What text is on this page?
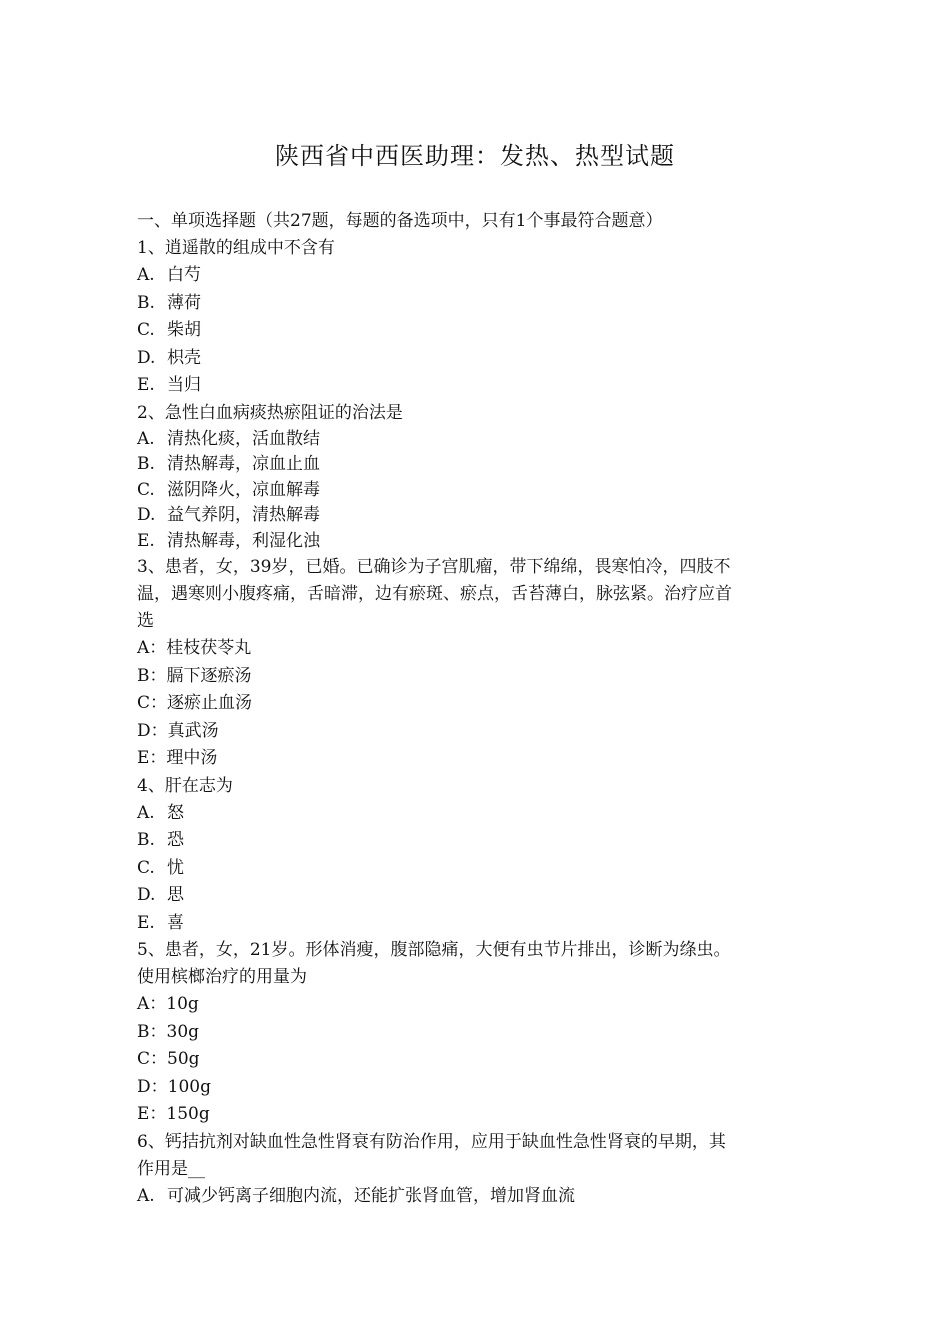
陕西省中西医助理：发热、热型试题
一、单项选择题（共27题，每题的备选项中，只有1个事最符合题意）
1、逍遥散的组成中不含有
A. 白芍
B. 薄荷
C. 柴胡
D. 枳壳
E. 当归
2、急性白血病痰热瘀阻证的治法是
A. 清热化痰，活血散结
B. 清热解毒，凉血止血
C. 滋阴降火，凉血解毒
D. 益气养阴，清热解毒
E. 清热解毒，利湿化浊
3、患者，女，39岁，已婚。已确诊为子宫肌瘤，带下绵绵，畏寒怕冷，四肢不
温，遇寒则小腹疼痛，舌暗滞，边有瘀斑、瘀点，舌苔薄白，脉弦紧。治疗应首
选
A：桂枝茯苓丸
B：膈下逐瘀汤
C：逐瘀止血汤
D：真武汤
E：理中汤
4、肝在志为
A. 怒
B. 恐
C. 忧
D. 思
E. 喜
5、患者，女，21岁。形体消瘦，腹部隐痛，大便有虫节片排出，诊断为绦虫。
使用槟榔治疗的用量为
A：10g
B：30g
C：50g
D：100g
E：150g
6、钙拮抗剂对缺血性急性肾衰有防治作用，应用于缺血性急性肾衰的早期，其
作用是__
A. 可减少钙离子细胞内流，还能扩张肾血管，增加肾血流
